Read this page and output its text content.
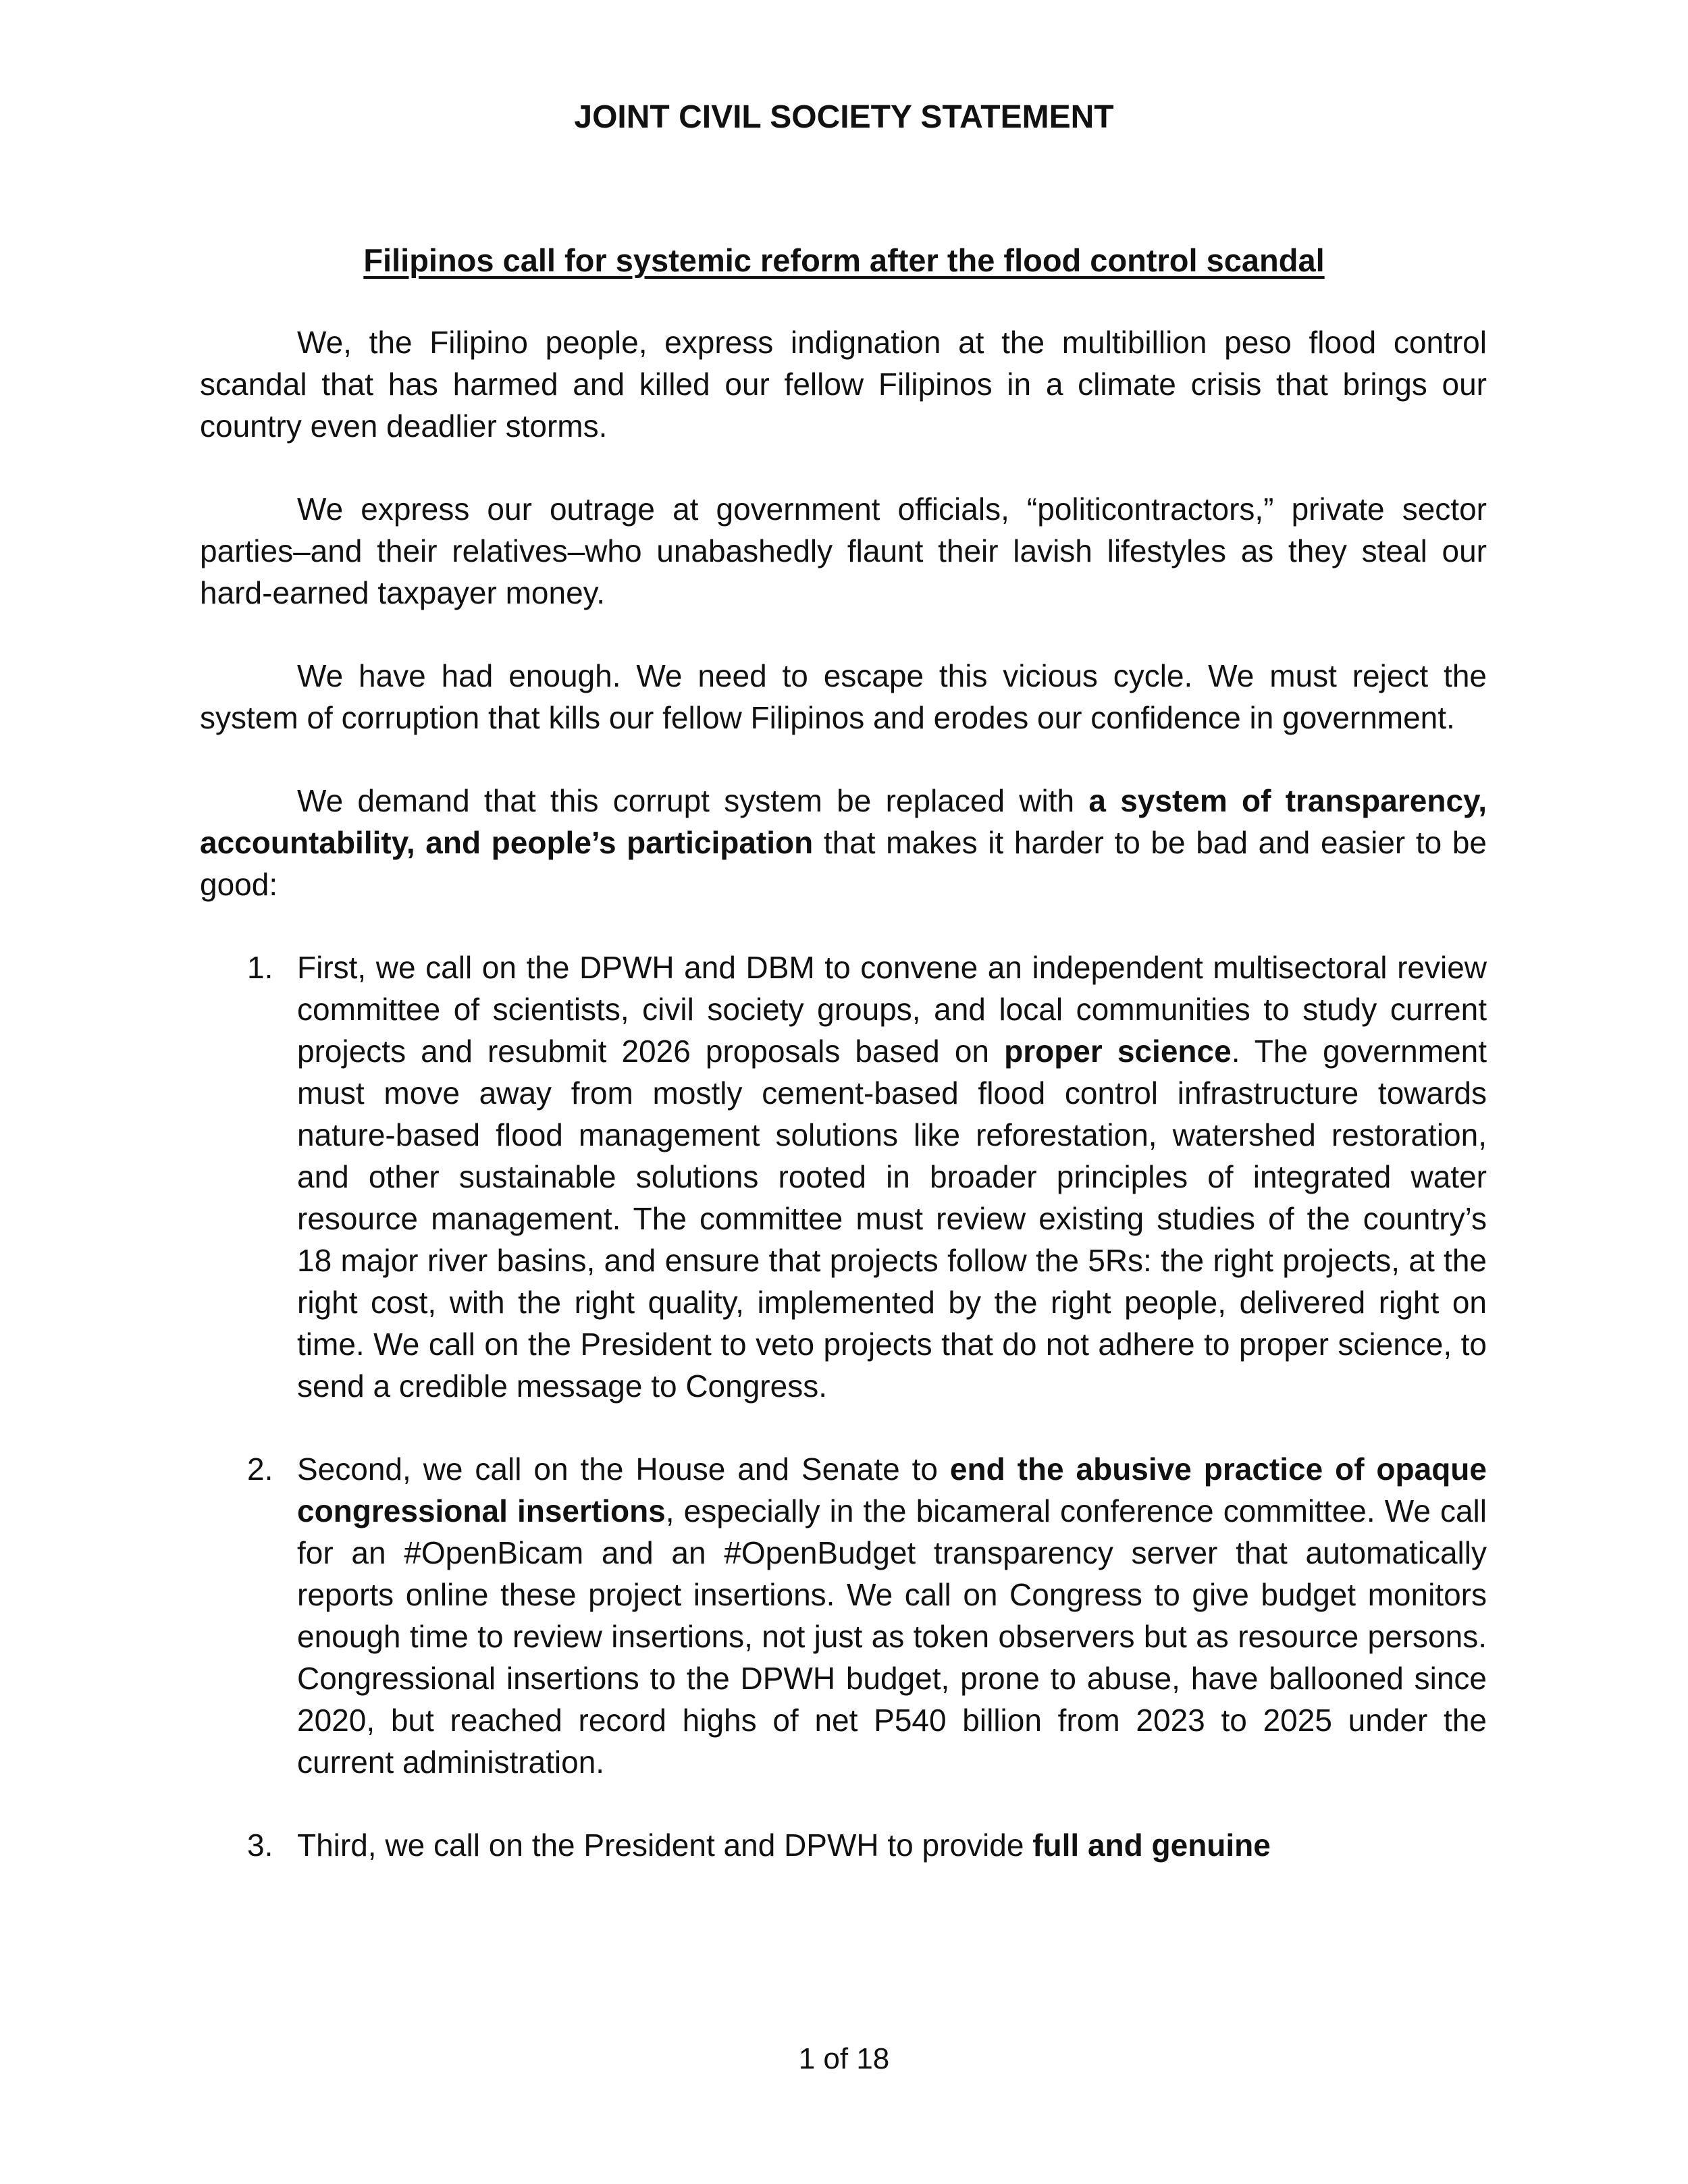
JOINT CIVIL SOCIETY STATEMENT
Filipinos call for systemic reform after the flood control scandal

We, the Filipino people, express indignation at the multibillion peso flood control scandal that has harmed and killed our fellow Filipinos in a climate crisis that brings our country even deadlier storms.

We express our outrage at government officials, “politicontractors,” private sector parties–and their relatives–who unabashedly flaunt their lavish lifestyles as they steal our hard-earned taxpayer money.

We have had enough. We need to escape this vicious cycle. We must reject the system of corruption that kills our fellow Filipinos and erodes our confidence in government.

We demand that this corrupt system be replaced with a system of transparency, accountability, and people’s participation that makes it harder to be bad and easier to be good:

1. First, we call on the DPWH and DBM to convene an independent multisectoral review committee of scientists, civil society groups, and local communities to study current projects and resubmit 2026 proposals based on proper science. The government must move away from mostly cement-based flood control infrastructure towards nature-based flood management solutions like reforestation, watershed restoration, and other sustainable solutions rooted in broader principles of integrated water resource management. The committee must review existing studies of the country’s 18 major river basins, and ensure that projects follow the 5Rs: the right projects, at the right cost, with the right quality, implemented by the right people, delivered right on time. We call on the President to veto projects that do not adhere to proper science, to send a credible message to Congress.
2. Second, we call on the House and Senate to end the abusive practice of opaque congressional insertions, especially in the bicameral conference committee. We call for an #OpenBicam and an #OpenBudget transparency server that automatically reports online these project insertions. We call on Congress to give budget monitors enough time to review insertions, not just as token observers but as resource persons. Congressional insertions to the DPWH budget, prone to abuse, have ballooned since 2020, but reached record highs of net P540 billion from 2023 to 2025 under the current administration.
3. Third, we call on the President and DPWH to provide full and genuine
1 of 18
